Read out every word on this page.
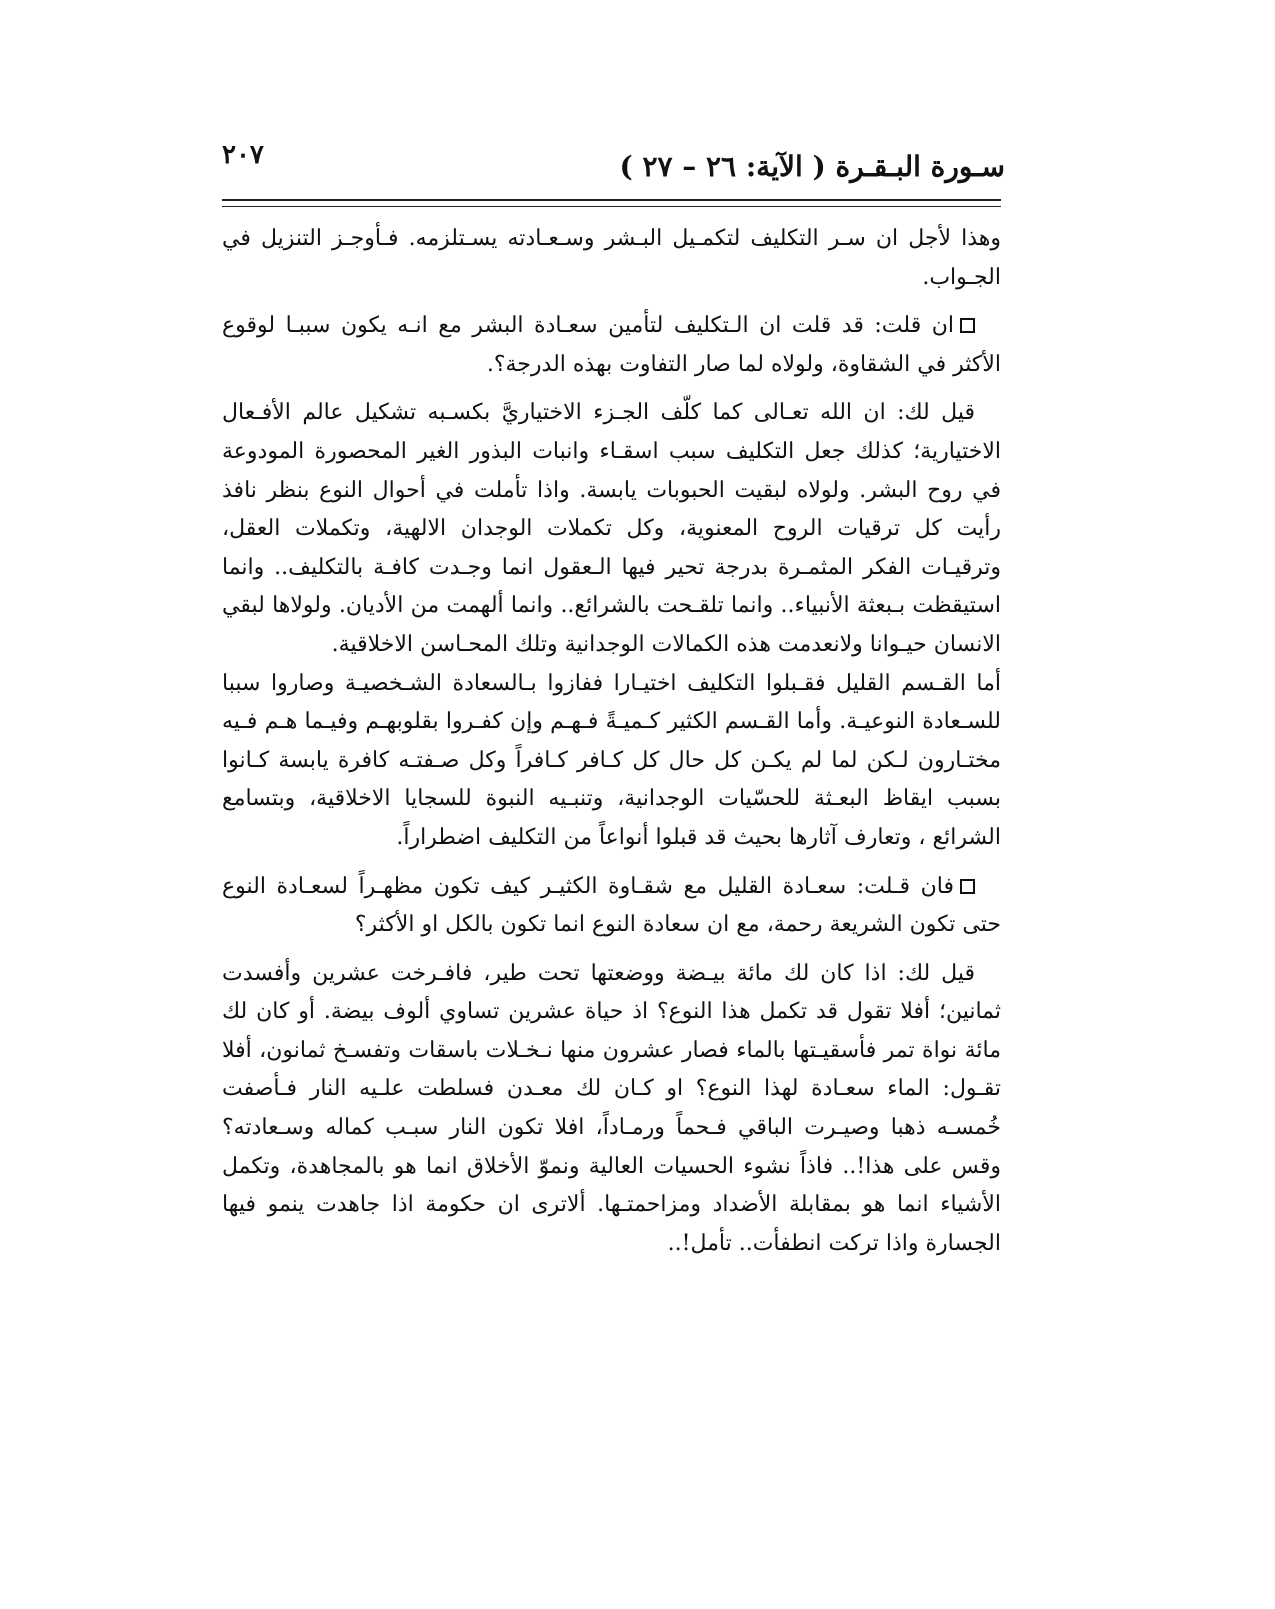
٢٠٧	سـورة البـقـرة ( الآية: ٢٦ – ٢٧ )

وهذا لأجل ان سـر التكليف لتكمـيل البـشر وسـعـادته يسـتلزمه. فـأوجـز التنزيل في الجـواب.

ان قلت: قد قلت ان الـتكليف لتأمين سعـادة البشر مع انـه يكون سببـا لوقوع الأكثر في الشقاوة، ولولاه لما صار التفاوت بهذه الدرجة؟.

قيل لك: ان الله تعـالى كما كلّف الجـزء الاختياريَّ بكسـبه تشكيل عالم الأفـعال الاختيارية؛ كذلك جعل التكليف سبب اسقـاء وانبات البذور الغير المحصورة المودوعة في روح البشر. ولولاه لبقيت الحبوبات يابسة. واذا تأملت في أحوال النوع بنظر نافذ رأيت كل ترقيات الروح المعنوية، وكل تكملات الوجدان الالهية، وتكملات العقل، وترقيـات الفكر المثمـرة بدرجة تحير فيها الـعقول انما وجـدت كافـة بالتكليف.. وانما استيقظت بـبعثة الأنبياء.. وانما تلقـحت بالشرائع.. وانما ألهمت من الأديان. ولولاها لبقي الانسان حيـوانا ولانعدمت هذه الكمالات الوجدانية وتلك المحـاسن الاخلاقية.
أما القـسم القليل فقـبلوا التكليف اختيـارا ففازوا بـالسعادة الشـخصيـة وصاروا سببا للسـعادة النوعيـة. وأما القـسم الكثير كـميـةً فـهـم وإن كفـروا بقلوبهـم وفيـما هـم فـيه مختـارون لـكن لما لم يكـن كل حال كل كـافر كـافراً وكل صـفتـه كافرة يابسة كـانوا بسبب ايقاظ البعـثة للحسّيات الوجدانية، وتنبـيه النبوة للسجايا الاخلاقية، وبتسامع الشرائع ، وتعارف آثارها بحيث قد قبلوا أنواعاً من التكليف اضطراراً.

فان قـلت: سعـادة القليل مع شقـاوة الكثيـر كيف تكون مظهـراً لسعـادة النوع حتى تكون الشريعة رحمة، مع ان سعادة النوع انما تكون بالكل او الأكثر؟

قيل لك: اذا كان لك مائة بيـضة ووضعتها تحت طير، فافـرخت عشرين وأفسدت ثمانين؛ أفلا تقول قد تكمل هذا النوع؟ اذ حياة عشرين تساوي ألوف بيضة. أو كان لك مائة نواة تمر فأسقيـتها بالماء فصار عشرون منها نـخـلات باسقات وتفسـخ ثمانون، أفلا تقـول: الماء سعـادة لهذا النوع؟ او كـان لك معـدن فسلطت علـيه النار فـأصفت خُمسـه ذهبا وصيـرت الباقي فـحماً ورمـاداً، افلا تكون النار سبـب كماله وسـعادته؟ وقس على هذا!.. فاذاً نشوء الحسيات العالية ونموّ الأخلاق انما هو بالمجاهدة، وتكمل الأشياء انما هو بمقابلة الأضداد ومزاحمتـها. ألاترى ان حكومة اذا جاهدت ينمو فيها الجسارة واذا تركت انطفأت.. تأمل!..
